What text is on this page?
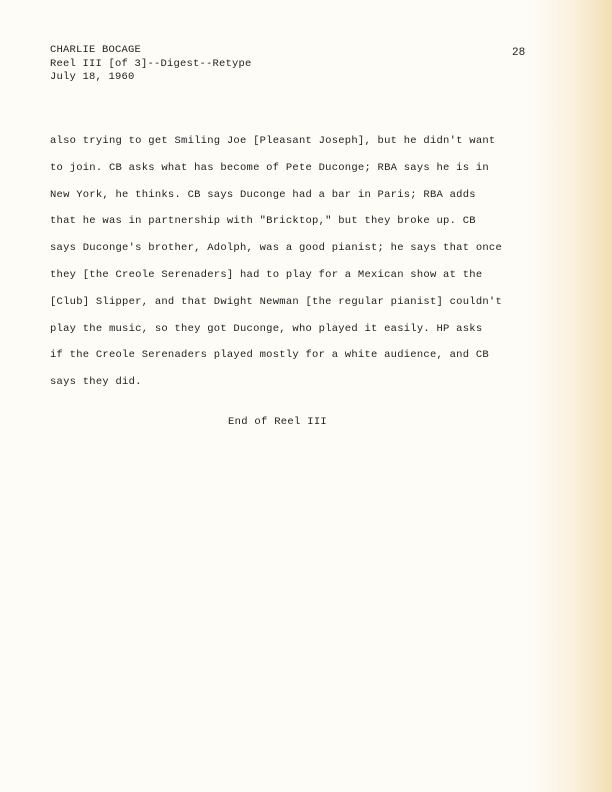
CHARLIE BOCAGE
Reel III [of 3]--Digest--Retype
July 18, 1960
28
also trying to get Smiling Joe [Pleasant Joseph], but he didn't want
to join. CB asks what has become of Pete Duconge; RBA says he is in
New York, he thinks. CB says Duconge had a bar in Paris; RBA adds
that he was in partnership with "Bricktop," but they broke up. CB
says Duconge's brother, Adolph, was a good pianist; he says that once
they [the Creole Serenaders] had to play for a Mexican show at the
[Club] Slipper, and that Dwight Newman [the regular pianist] couldn't
play the music, so they got Duconge, who played it easily. HP asks
if the Creole Serenaders played mostly for a white audience, and CB
says they did.
End of Reel III
